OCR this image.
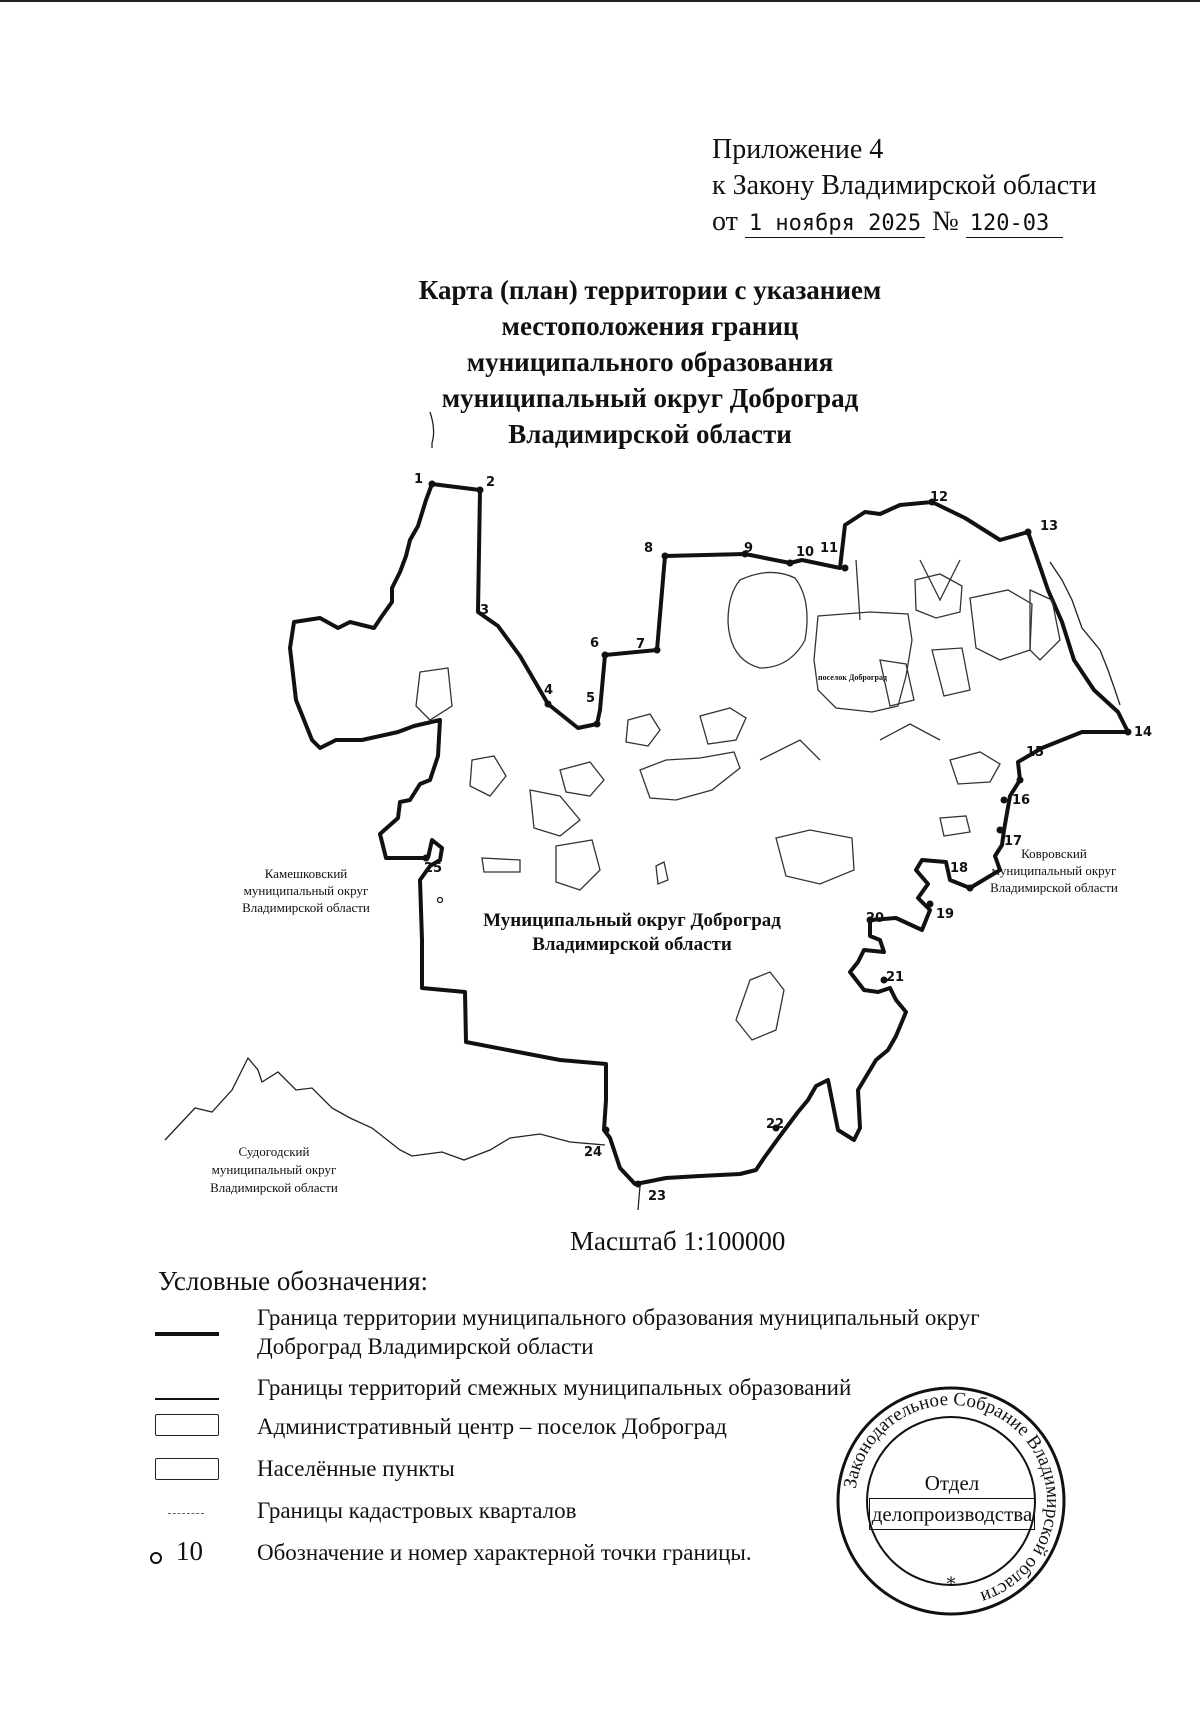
Приложение 4
к Закону Владимирской области
от 1 ноября 2025 № 120-03
Карта (план) территории с указанием
местоположения границ
муниципального образования
муниципальный округ Доброград
Владимирской области
1	2
3
4
5
6	7
8	9	10 11
12
13
14
15
16
17
18
19
20
21
22
23
24
25
поселок Доброград
Муниципальный округ Доброград
Владимирской области
Камешковский
муниципальный округ
Владимирской области
Ковровский
муниципальный округ
Владимирской области
Судогодский
муниципальный округ
Владимирской области
Масштаб 1:100000
Условные обозначения:
Граница территории муниципального образования муниципальный округ
Доброград Владимирской области
Границы территорий смежных муниципальных образований
Административный центр – поселок Доброград
Населённые пункты
Границы кадастровых кварталов
10 Обозначение и номер характерной точки границы.
Законодательное Собрание Владимирской области
*
Отдел
делопроизводства
